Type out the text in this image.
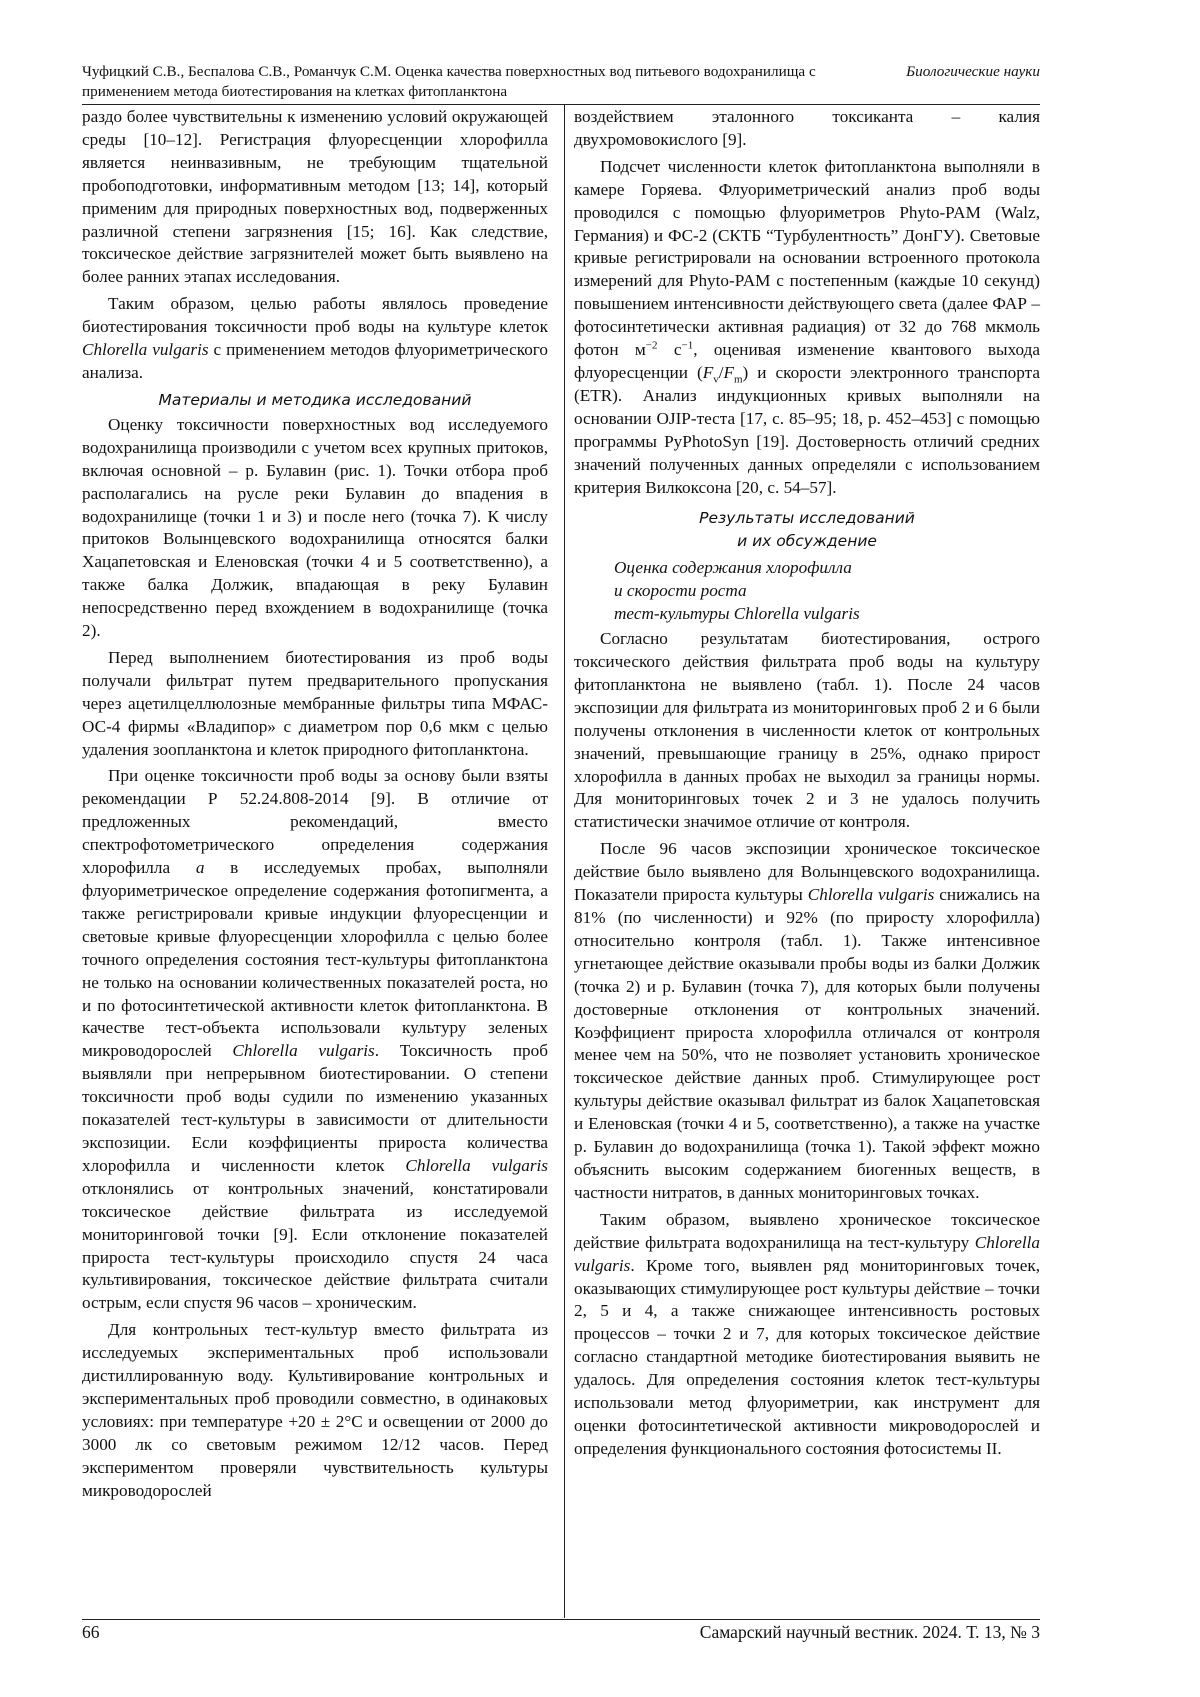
Чуфицкий С.В., Беспалова С.В., Романчук С.М. Оценка качества поверхностных вод питьевого водохранилища с применением метода биотестирования на клетках фитопланктона
Биологические науки

раздо более чувствительны к изменению условий окружающей среды [10–12]. Регистрация флуоресценции хлорофилла является неинвазивным, не требующим тщательной пробоподготовки, информативным методом [13; 14], который применим для природных поверхностных вод, подверженных различной степени загрязнения [15; 16]. Как следствие, токсическое действие загрязнителей может быть выявлено на более ранних этапах исследования.

Таким образом, целью работы являлось проведение биотестирования токсичности проб воды на культуре клеток Chlorella vulgaris с применением методов флуориметрического анализа.

Материалы и методика исследований

Оценку токсичности поверхностных вод исследуемого водохранилища производили с учетом всех крупных притоков, включая основной – р. Булавин (рис. 1). Точки отбора проб располагались на русле реки Булавин до впадения в водохранилище (точки 1 и 3) и после него (точка 7). К числу притоков Волынцевского водохранилища относятся балки Хацапетовская и Еленовская (точки 4 и 5 соответственно), а также балка Должик, впадающая в реку Булавин непосредственно перед вхождением в водохранилище (точка 2).

Перед выполнением биотестирования из проб воды получали фильтрат путем предварительного пропускания через ацетилцеллюлозные мембранные фильтры типа МФАС-ОС-4 фирмы «Владипор» с диаметром пор 0,6 мкм с целью удаления зоопланктона и клеток природного фитопланктона.

При оценке токсичности проб воды за основу были взяты рекомендации Р 52.24.808-2014 [9]. В отличие от предложенных рекомендаций, вместо спектрофотометрического определения содержания хлорофилла a в исследуемых пробах, выполняли флуориметрическое определение содержания фотопигмента, а также регистрировали кривые индукции флуоресценции и световые кривые флуоресценции хлорофилла с целью более точного определения состояния тест-культуры фитопланктона не только на основании количественных показателей роста, но и по фотосинтетической активности клеток фитопланктона. В качестве тест-объекта использовали культуру зеленых микроводорослей Chlorella vulgaris. Токсичность проб выявляли при непрерывном биотестировании. О степени токсичности проб воды судили по изменению указанных показателей тест-культуры в зависимости от длительности экспозиции. Если коэффициенты прироста количества хлорофилла и численности клеток Chlorella vulgaris отклонялись от контрольных значений, констатировали токсическое действие фильтрата из исследуемой мониторинговой точки [9]. Если отклонение показателей прироста тест-культуры происходило спустя 24 часа культивирования, токсическое действие фильтрата считали острым, если спустя 96 часов – хроническим.

Для контрольных тест-культур вместо фильтрата из исследуемых экспериментальных проб использовали дистиллированную воду. Культивирование контрольных и экспериментальных проб проводили совместно, в одинаковых условиях: при температуре +20 ± 2°C и освещении от 2000 до 3000 лк со световым режимом 12/12 часов. Перед экспериментом проверяли чувствительность культуры микроводорослей

воздействием эталонного токсиканта – калия двухромовокислого [9].

Подсчет численности клеток фитопланктона выполняли в камере Горяева. Флуориметрический анализ проб воды проводился с помощью флуориметров Phyto-PAM (Walz, Германия) и ФС-2 (СКТБ “Турбулентность” ДонГУ). Световые кривые регистрировали на основании встроенного протокола измерений для Phyto-PAM с постепенным (каждые 10 секунд) повышением интенсивности действующего света (далее ФАР – фотосинтетически активная радиация) от 32 до 768 мкмоль фотон $м^{-2}$ $с^{-1}$, оценивая изменение квантового выхода флуоресценции $(F_v/F_m)$ и скорости электронного транспорта (ETR). Анализ индукционных кривых выполняли на основании OJIP-теста [17, с. 85–95; 18, p. 452–453] с помощью программы PyPhotoSyn [19]. Достоверность отличий средних значений полученных данных определяли с использованием критерия Вилкоксона [20, с. 54–57].

Результаты исследований
и их обсуждение
Оценка содержания хлорофилла
и скорости роста
тест-культуры Chlorella vulgaris

Согласно результатам биотестирования, острого токсического действия фильтрата проб воды на культуру фитопланктона не выявлено (табл. 1). После 24 часов экспозиции для фильтрата из мониторинговых проб 2 и 6 были получены отклонения в численности клеток от контрольных значений, превышающие границу в 25%, однако прирост хлорофилла в данных пробах не выходил за границы нормы. Для мониторинговых точек 2 и 3 не удалось получить статистически значимое отличие от контроля.

После 96 часов экспозиции хроническое токсическое действие было выявлено для Волынцевского водохранилища. Показатели прироста культуры Chlorella vulgaris снижались на 81% (по численности) и 92% (по приросту хлорофилла) относительно контроля (табл. 1). Также интенсивное угнетающее действие оказывали пробы воды из балки Должик (точка 2) и р. Булавин (точка 7), для которых были получены достоверные отклонения от контрольных значений. Коэффициент прироста хлорофилла отличался от контроля менее чем на 50%, что не позволяет установить хроническое токсическое действие данных проб. Стимулирующее рост культуры действие оказывал фильтрат из балок Хацапетовская и Еленовская (точки 4 и 5, соответственно), а также на участке р. Булавин до водохранилища (точка 1). Такой эффект можно объяснить высоким содержанием биогенных веществ, в частности нитратов, в данных мониторинговых точках.

Таким образом, выявлено хроническое токсическое действие фильтрата водохранилища на тест-культуру Chlorella vulgaris. Кроме того, выявлен ряд мониторинговых точек, оказывающих стимулирующее рост культуры действие – точки 2, 5 и 4, а также снижающее интенсивность ростовых процессов – точки 2 и 7, для которых токсическое действие согласно стандартной методике биотестирования выявить не удалось. Для определения состояния клеток тест-культуры использовали метод флуориметрии, как инструмент для оценки фотосинтетической активности микроводорослей и определения функционального состояния фотосистемы II.

66	Самарский научный вестник. 2024. Т. 13, № 3
